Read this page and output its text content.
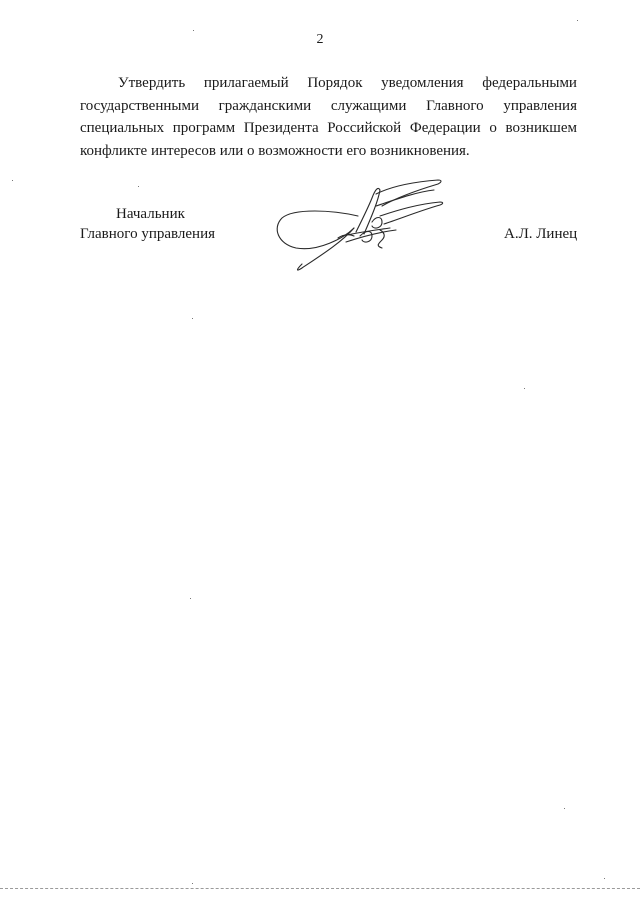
2
Утвердить прилагаемый Порядок уведомления федеральными
государственными гражданскими служащими Главного управления
специальных программ Президента Российской Федерации о возникшем
конфликте интересов или о возможности его возникновения.
Начальник
Главного управления	А.Л. Линец
